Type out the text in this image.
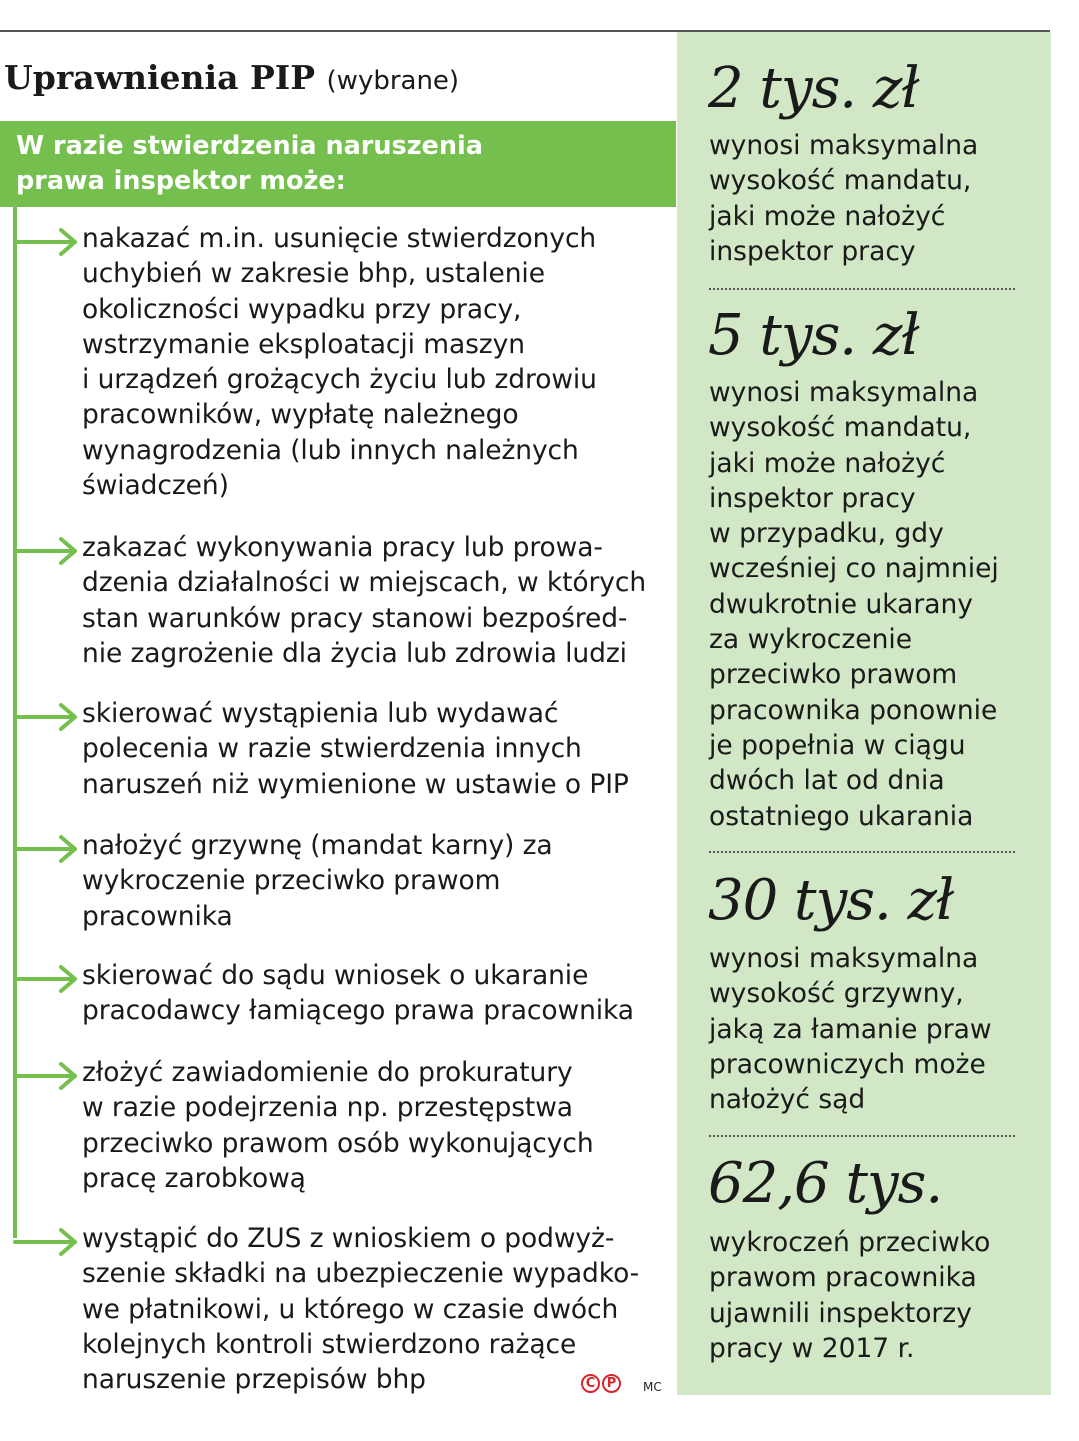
Uprawnienia PIP (wybrane)
W razie stwierdzenia naruszenia
prawa inspektor może:
nakazać m.in. usunięcie stwierdzonych
uchybień w zakresie bhp, ustalenie
okoliczności wypadku przy pracy,
wstrzymanie eksploatacji maszyn
i urządzeń grożących życiu lub zdrowiu
pracowników, wypłatę należnego
wynagrodzenia (lub innych należnych
świadczeń)
zakazać wykonywania pracy lub prowa-
dzenia działalności w miejscach, w których
stan warunków pracy stanowi bezpośred-
nie zagrożenie dla życia lub zdrowia ludzi
skierować wystąpienia lub wydawać
polecenia w razie stwierdzenia innych
naruszeń niż wymienione w ustawie o PIP
nałożyć grzywnę (mandat karny) za
wykroczenie przeciwko prawom
pracownika
skierować do sądu wniosek o ukaranie
pracodawcy łamiącego prawa pracownika
złożyć zawiadomienie do prokuratury
w razie podejrzenia np. przestępstwa
przeciwko prawom osób wykonujących
pracę zarobkową
wystąpić do ZUS z wnioskiem o podwyż-
szenie składki na ubezpieczenie wypadko-
we płatnikowi, u którego w czasie dwóch
kolejnych kontroli stwierdzono rażące
naruszenie przepisów bhp	C P	MC
2 tys. zł
wynosi maksymalna
wysokość mandatu,
jaki może nałożyć
inspektor pracy
5 tys. zł
wynosi maksymalna
wysokość mandatu,
jaki może nałożyć
inspektor pracy
w przypadku, gdy
wcześniej co najmniej
dwukrotnie ukarany
za wykroczenie
przeciwko prawom
pracownika ponownie
je popełnia w ciągu
dwóch lat od dnia
ostatniego ukarania
30 tys. zł
wynosi maksymalna
wysokość grzywny,
jaką za łamanie praw
pracowniczych może
nałożyć sąd
62,6 tys.
wykroczeń przeciwko
prawom pracownika
ujawnili inspektorzy
pracy w 2017 r.
